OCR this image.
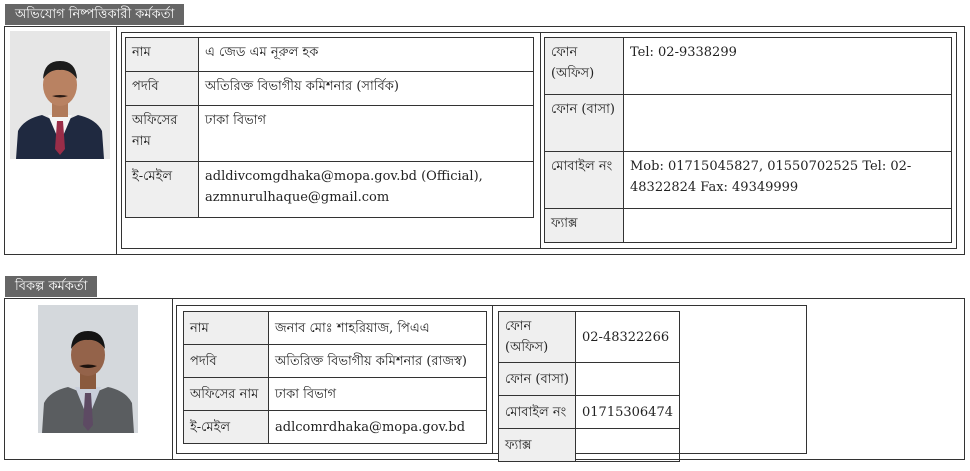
অভিযোগ নিষ্পত্তিকারী কর্মকর্তা
নাম	এ জেড এম নূরুল হক
পদবি	অতিরিক্ত বিভাগীয় কমিশনার (সার্বিক)
অফিসের নাম	ঢাকা বিভাগ
ই-মেইল	adldivcomgdhaka@mopa.gov.bd (Official), azmnurulhaque@gmail.com
ফোন (অফিস)	Tel: 02-9338299
ফোন (বাসা)	
মোবাইল নং	Mob: 01715045827, 01550702525 Tel: 02-48322824 Fax: 49349999
ফ্যাক্স	
বিকল্প কর্মকর্তা
নাম	জনাব মোঃ শাহরিয়াজ, পিএএ
পদবি	অতিরিক্ত বিভাগীয় কমিশনার (রাজস্ব)
অফিসের নাম	ঢাকা বিভাগ
ই-মেইল	adlcomrdhaka@mopa.gov.bd
ফোন (অফিস)	02-48322266
ফোন (বাসা)	
মোবাইল নং	01715306474
ফ্যাক্স	
